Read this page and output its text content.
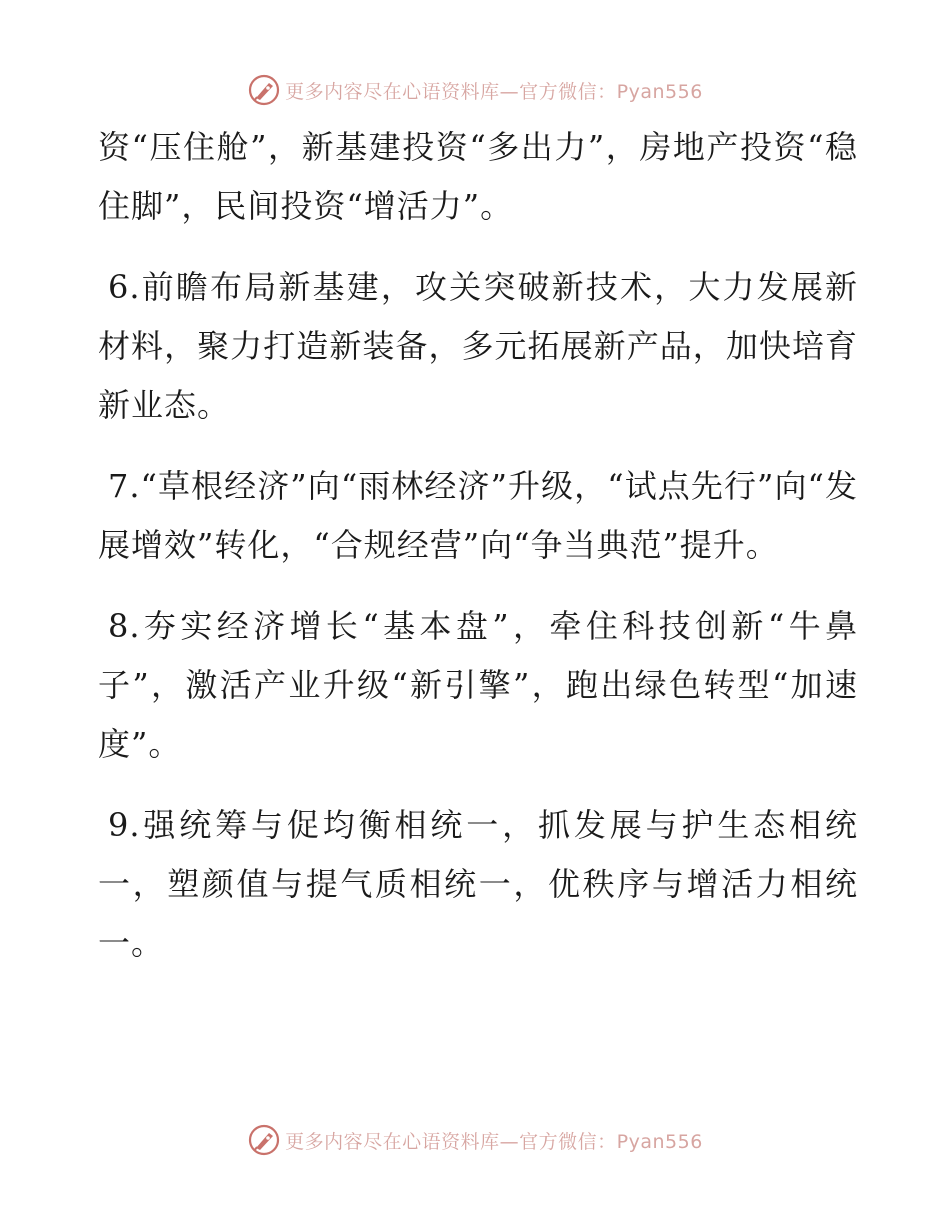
更多内容尽在心语资料库—官方微信：Pyan556

资“压住舱”，新基建投资“多出力”，房地产投资“稳住脚”，民间投资“增活力”。

6.前瞻布局新基建，攻关突破新技术，大力发展新材料，聚力打造新装备，多元拓展新产品，加快培育新业态。

7.“草根经济”向“雨林经济”升级，“试点先行”向“发展增效”转化，“合规经营”向“争当典范”提升。

8.夯实经济增长“基本盘”，牵住科技创新“牛鼻子”，激活产业升级“新引擎”，跑出绿色转型“加速度”。

9.强统筹与促均衡相统一，抓发展与护生态相统一，塑颜值与提气质相统一，优秩序与增活力相统一。

更多内容尽在心语资料库—官方微信：Pyan556
